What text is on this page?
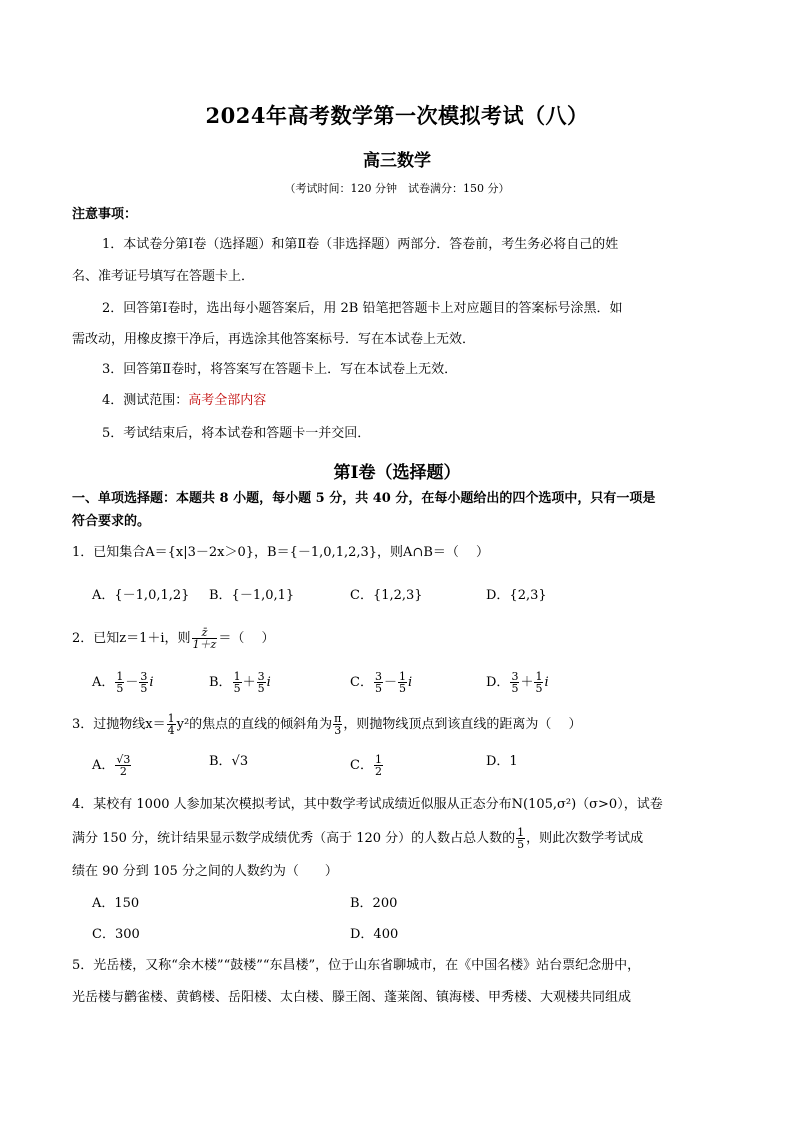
2024年高考数学第一次模拟考试（八）
高三数学
（考试时间：120 分钟　试卷满分：150 分）
注意事项：
1．本试卷分第Ⅰ卷（选择题）和第Ⅱ卷（非选择题）两部分．答卷前，考生务必将自己的姓
名、准考证号填写在答题卡上．
2．回答第Ⅰ卷时，选出每小题答案后，用 2B 铅笔把答题卡上对应题目的答案标号涂黑．如
需改动，用橡皮擦干净后，再选涂其他答案标号．写在本试卷上无效．
3．回答第Ⅱ卷时，将答案写在答题卡上．写在本试卷上无效．
4．测试范围：高考全部内容
5．考试结束后，将本试卷和答题卡一并交回．
第Ⅰ卷（选择题）
一、单项选择题：本题共 8 小题，每小题 5 分，共 40 分，在每小题给出的四个选项中，只有一项是
符合要求的。
1．已知集合A＝{x|3－2x＞0}，B＝{－1,0,1,2,3}，则A∩B＝（　 ）
A．{－1,0,1,2} B．{－1,0,1}	C．{1,2,3}	D．{2,3}
2．已知z＝1＋i，则 $\frac{z̄}{1+z}$ ＝（　 ）
A． $\frac{1}{5} - \frac{3}{5}$ i	B． $\frac{1}{5} + \frac{3}{5}$ i	C． $\frac{3}{5} - \frac{1}{5}$ i	D． $\frac{3}{5} + \frac{1}{5}$ i
3．过抛物线$x= \frac{1}{4} y^2$的焦点的直线的倾斜角为 $\frac{\pi}{3}$ ，则抛物线顶点到该直线的距离为（　 ）
A． $\frac{√3}{2}$	B．√3	C． $\frac{1}{2}$	D．1
4．某校有 1000 人参加某次模拟考试，其中数学考试成绩近似服从正态分布N(105,σ²)（σ>0），试卷
满分 150 分，统计结果显示数学成绩优秀（高于 120 分）的人数占总人数的 $\frac{1}{5}$ ，则此次数学考试成
绩在 90 分到 105 分之间的人数约为（　　）
A．150	B．200
C．300	D．400
5．光岳楼，又称“余木楼”“鼓楼”“东昌楼”，位于山东省聊城市，在《中国名楼》站台票纪念册中，
光岳楼与鹳雀楼、黄鹤楼、岳阳楼、太白楼、滕王阁、蓬莱阁、镇海楼、甲秀楼、大观楼共同组成
